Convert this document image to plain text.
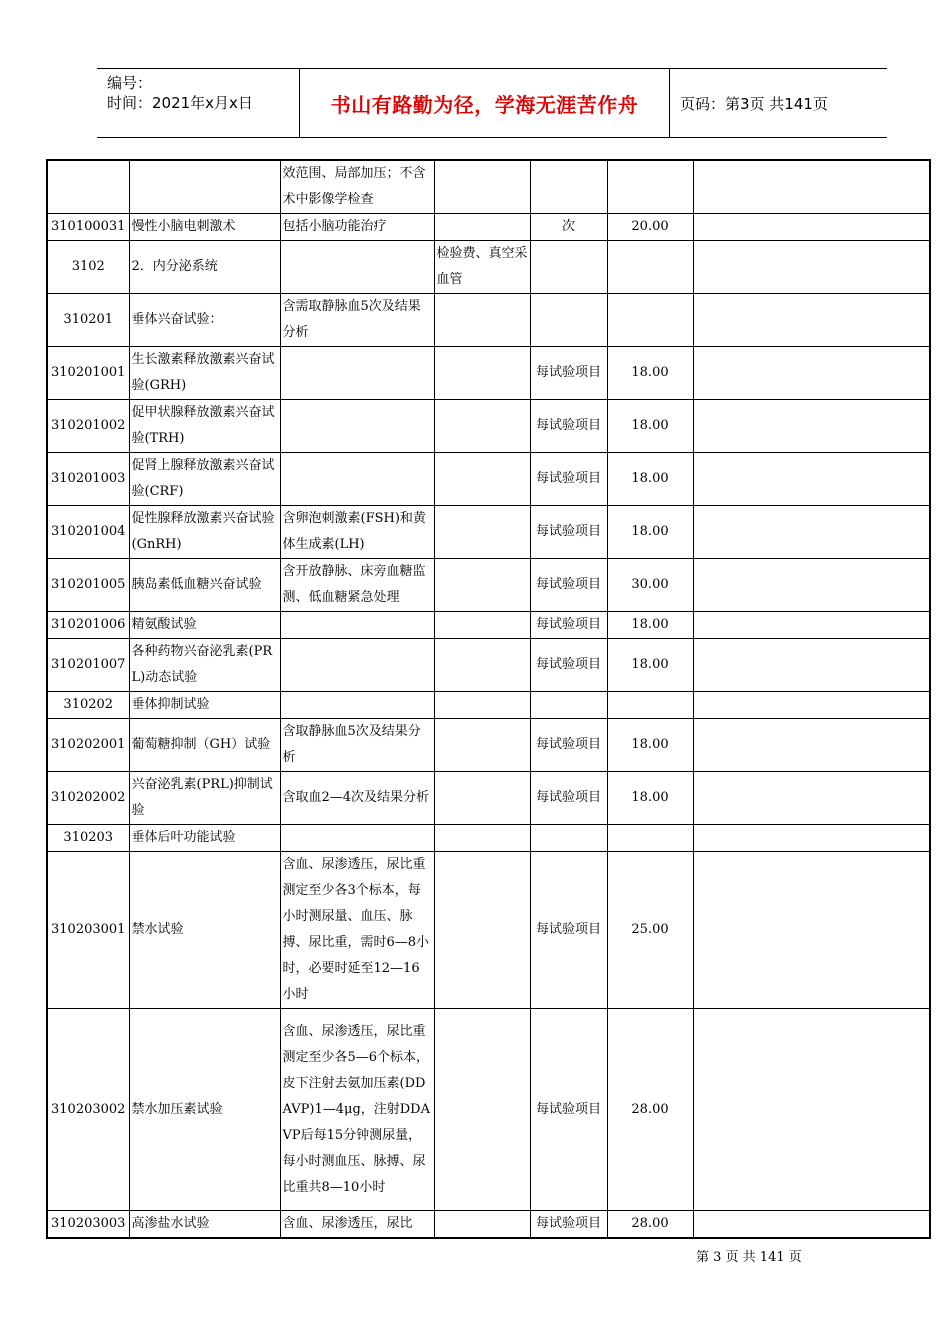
编号：
时间：2021年x月x日	书山有路勤为径，学海无涯苦作舟	页码：第3页 共141页
		效范围、局部加压；不含术中影像学检查				
310100031	慢性小脑电刺激术	包括小脑功能治疗		次	20.00	
3102	2．内分泌系统		检验费、真空采血管			
310201	垂体兴奋试验：	含需取静脉血5次及结果分析				
310201001	生长激素释放激素兴奋试验(GRH)			每试验项目	18.00	
310201002	促甲状腺释放激素兴奋试验(TRH)			每试验项目	18.00	
310201003	促肾上腺释放激素兴奋试验(CRF)			每试验项目	18.00	
310201004	促性腺释放激素兴奋试验(GnRH)	含卵泡刺激素(FSH)和黄体生成素(LH)		每试验项目	18.00	
310201005	胰岛素低血糖兴奋试验	含开放静脉、床旁血糖监测、低血糖紧急处理		每试验项目	30.00	
310201006	精氨酸试验			每试验项目	18.00	
310201007	各种药物兴奋泌乳素(PRL)动态试验			每试验项目	18.00	
310202	垂体抑制试验					
310202001	葡萄糖抑制（GH）试验	含取静脉血5次及结果分析		每试验项目	18.00	
310202002	兴奋泌乳素(PRL)抑制试验	含取血2—4次及结果分析		每试验项目	18.00	
310203	垂体后叶功能试验					
310203001	禁水试验	含血、尿渗透压，尿比重测定至少各3个标本，每小时测尿量、血压、脉搏、尿比重，需时6—8小时，必要时延至12—16小时		每试验项目	25.00	
310203002	禁水加压素试验	含血、尿渗透压，尿比重测定至少各5—6个标本，皮下注射去氨加压素(DDAVP)1—4μg，注射DDAVP后每15分钟测尿量，每小时测血压、脉搏、尿比重共8—10小时		每试验项目	28.00	
310203003	高渗盐水试验	含血、尿渗透压，尿比		每试验项目	28.00	
第 3 页 共 141 页
